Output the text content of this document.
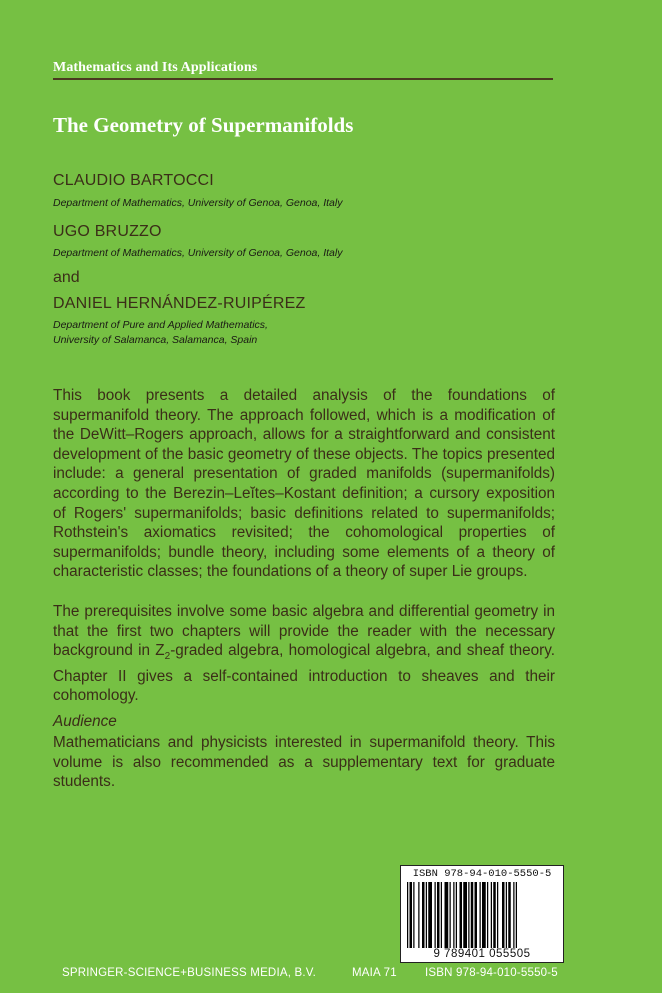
Mathematics and Its Applications
The Geometry of Supermanifolds
CLAUDIO BARTOCCI
Department of Mathematics, University of Genoa, Genoa, Italy
UGO BRUZZO
Department of Mathematics, University of Genoa, Genoa, Italy
and
DANIEL HERNÁNDEZ-RUIPÉREZ
Department of Pure and Applied Mathematics,
University of Salamanca, Salamanca, Spain

This book presents a detailed analysis of the foundations of supermanifold theory. The approach followed, which is a modification of the DeWitt–Rogers approach, allows for a straightforward and consistent development of the basic geometry of these objects. The topics presented include: a general presentation of graded manifolds (supermanifolds) according to the Berezin–Leĭtes–Kostant definition; a cursory exposition of Rogers' supermanifolds; basic definitions related to supermanifolds; Rothstein's axiomatics revisited; the cohomological properties of supermanifolds; bundle theory, including some elements of a theory of characteristic classes; the foundations of a theory of super Lie groups.

The prerequisites involve some basic algebra and differential geometry in that the first two chapters will provide the reader with the necessary background in $Z_2$-graded algebra, homological algebra, and sheaf theory. Chapter II gives a self-contained introduction to sheaves and their cohomology.

Audience

Mathematicians and physicists interested in supermanifold theory. This volume is also recommended as a supplementary text for graduate students.

ISBN 978-94-010-5550-5
9 789401 055505
SPRINGER-SCIENCE+BUSINESS MEDIA, B.V.	MAIA 71 ISBN 978-94-010-5550-5
